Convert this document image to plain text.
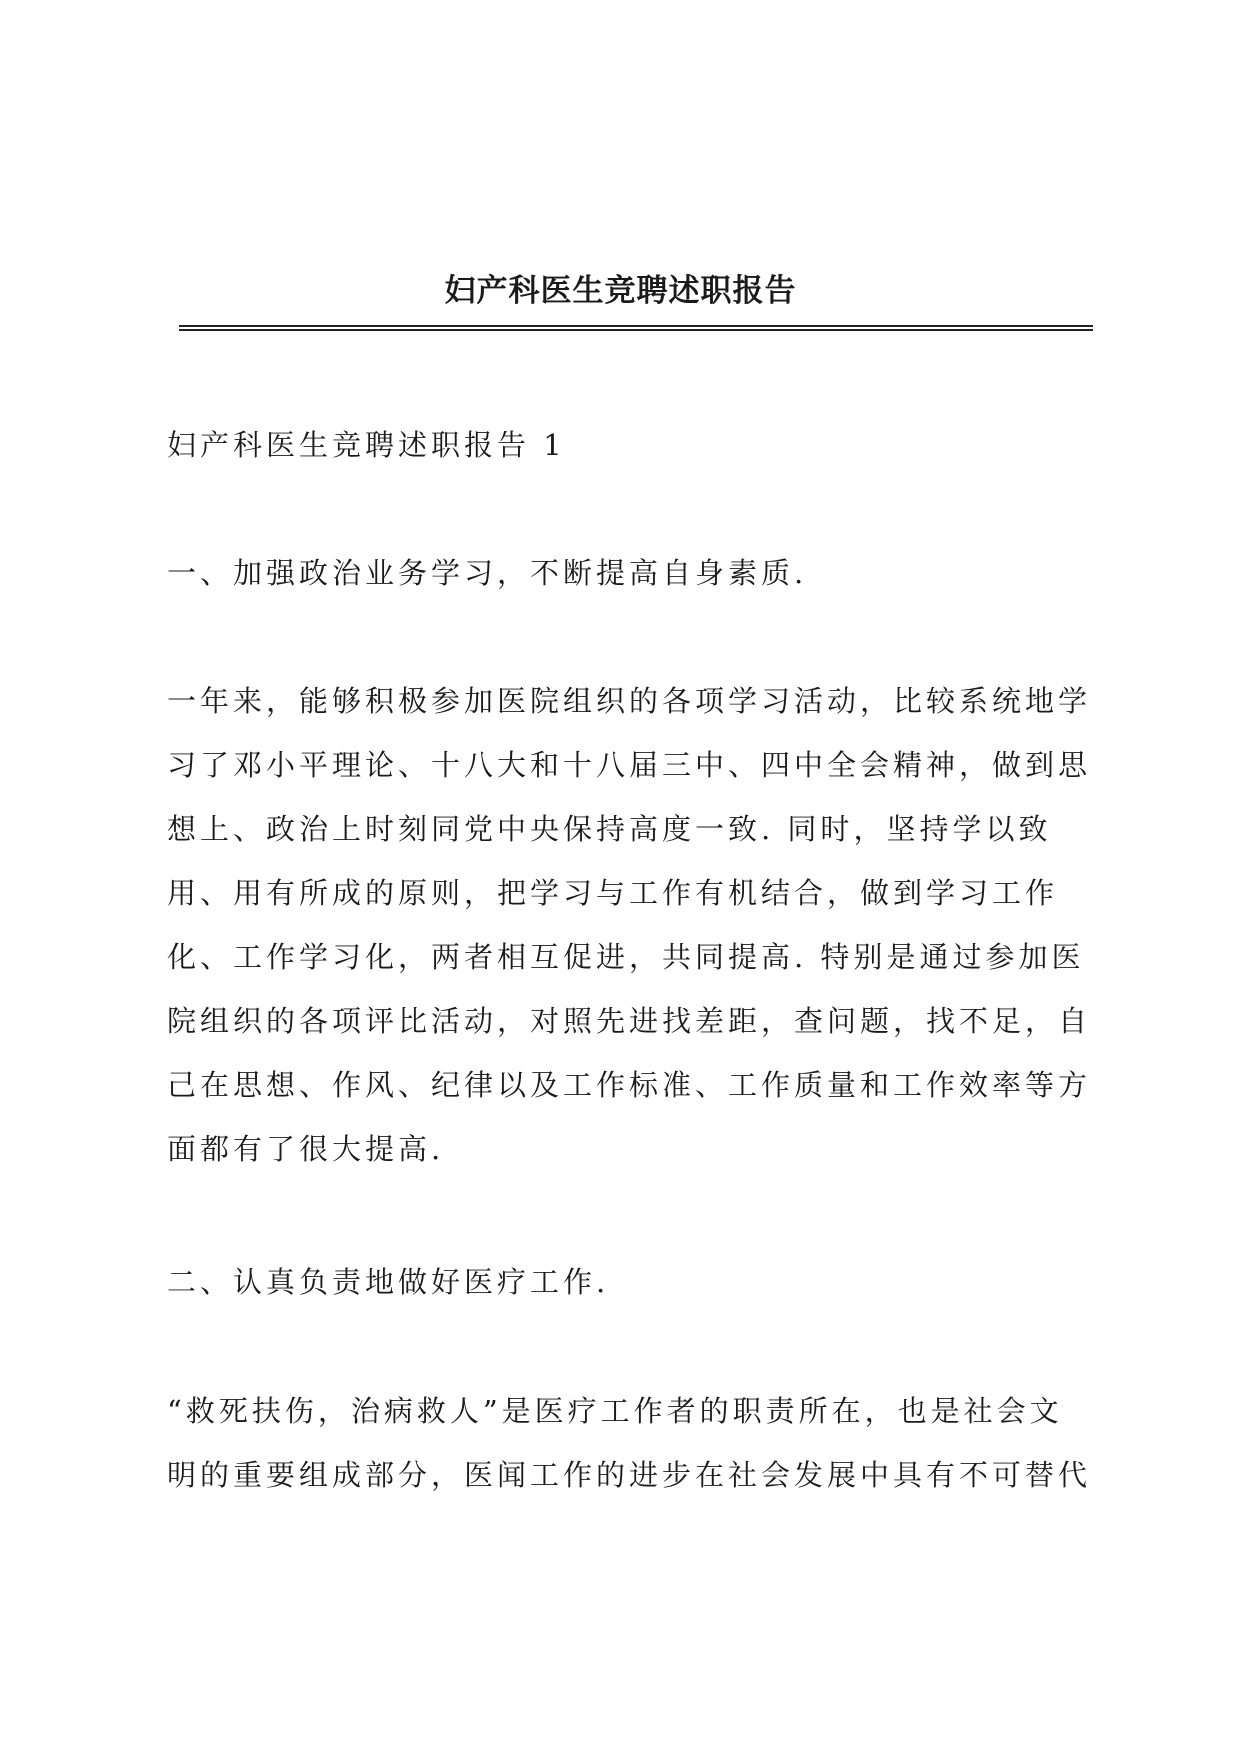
妇产科医生竞聘述职报告

妇产科医生竞聘述职报告 1

一、加强政治业务学习，不断提高自身素质.

一年来，能够积极参加医院组织的各项学习活动，比较系统地学
习了邓小平理论、十八大和十八届三中、四中全会精神，做到思
想上、政治上时刻同党中央保持高度一致. 同时，坚持学以致
用、用有所成的原则，把学习与工作有机结合，做到学习工作
化、工作学习化，两者相互促进，共同提高. 特别是通过参加医
院组织的各项评比活动，对照先进找差距，查问题，找不足，自
己在思想、作风、纪律以及工作标准、工作质量和工作效率等方
面都有了很大提高.

二、认真负责地做好医疗工作.

“救死扶伤，治病救人”是医疗工作者的职责所在，也是社会文
明的重要组成部分，医闻工作的进步在社会发展中具有不可替代
